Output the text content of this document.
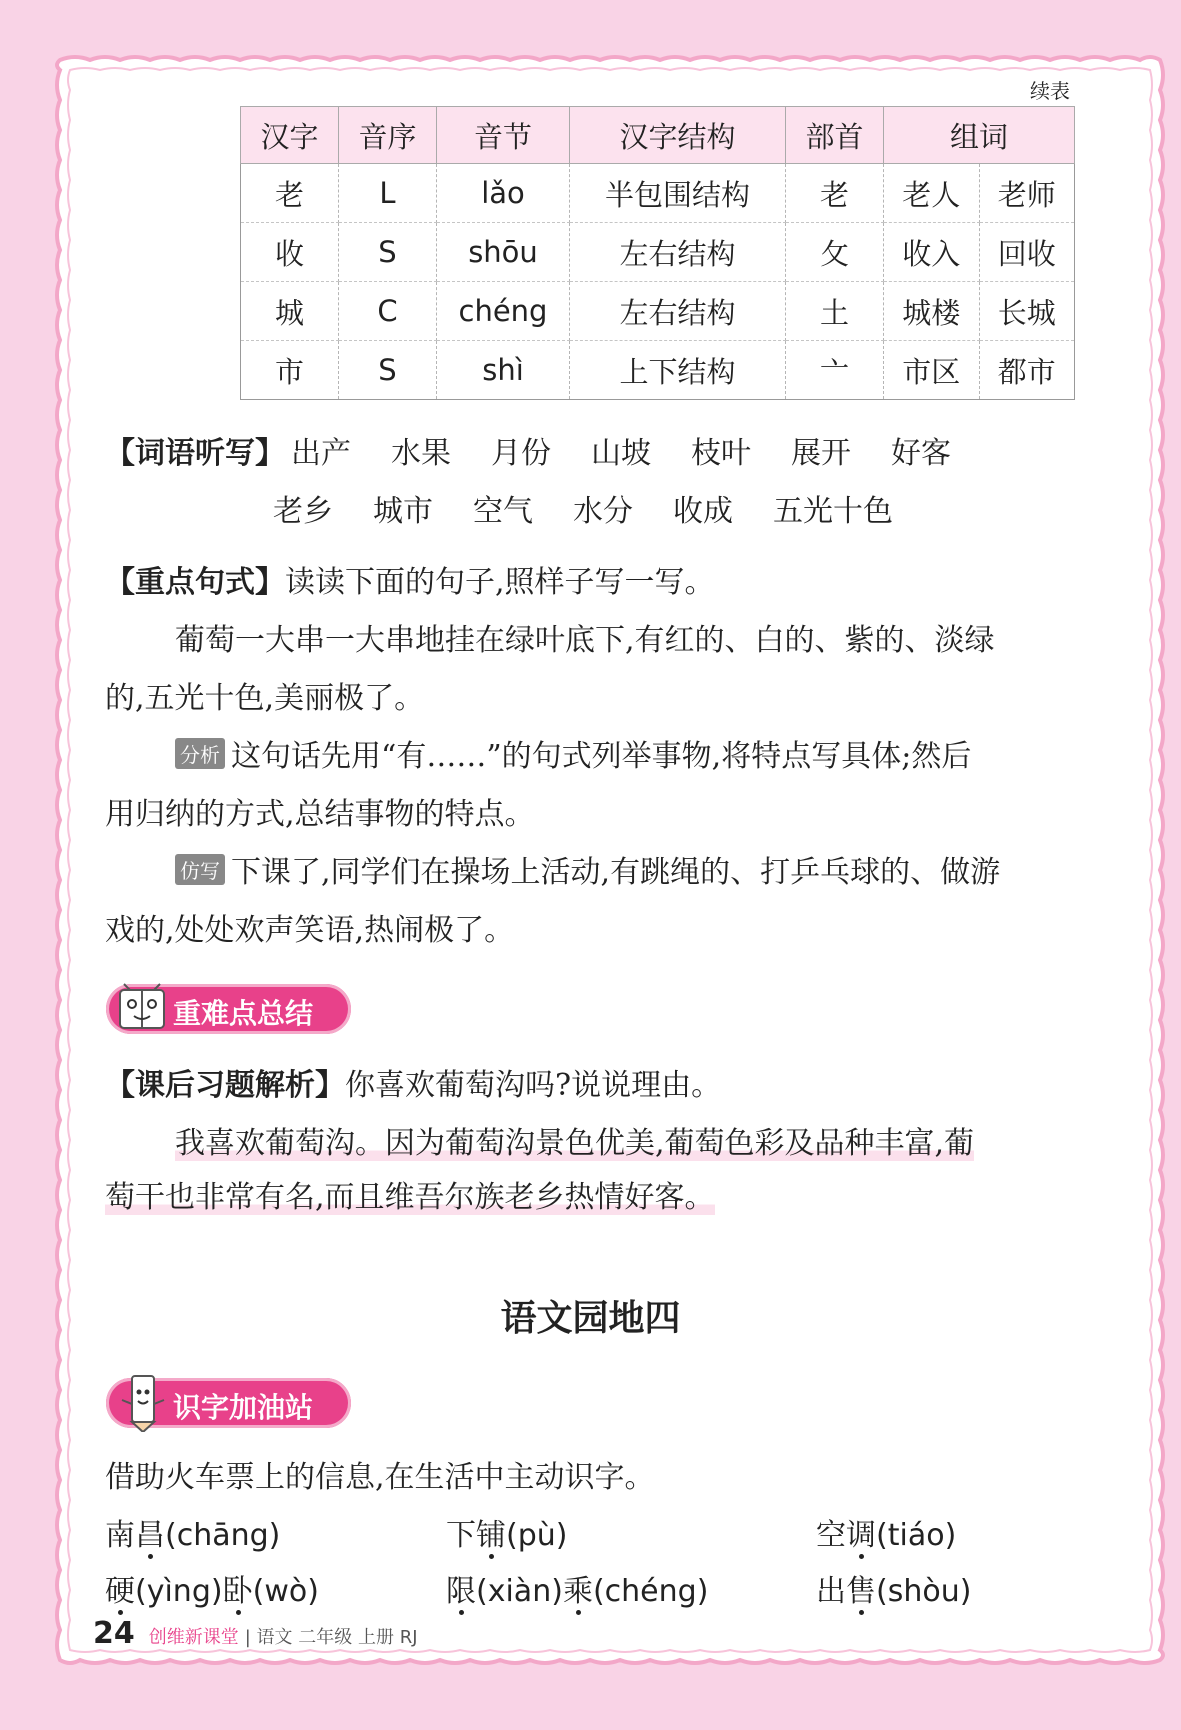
续表
汉字	音序	音节	汉字结构	部首	组词	
老	L	lǎo	半包围结构	老	老人	老师
收	S	shōu	左右结构	攵	收入	回收
城	C	chéng	左右结构	土	城楼	长城
市	S	shì	上下结构	亠	市区	都市
【词语听写】 出产 水果 月份 山坡 枝叶 展开 好客
老乡 城市 空气 水分 收成 五光十色
【重点句式】读读下面的句子,照样子写一写。
葡萄一大串一大串地挂在绿叶底下,有红的、白的、紫的、淡绿
的,五光十色,美丽极了。
分析 这句话先用“有……”的句式列举事物,将特点写具体;然后
用归纳的方式,总结事物的特点。
仿写 下课了,同学们在操场上活动,有跳绳的、打乒乓球的、做游
戏的,处处欢声笑语,热闹极了。
重难点总结
【课后习题解析】你喜欢葡萄沟吗?说说理由。
我喜欢葡萄沟。因为葡萄沟景色优美,葡萄色彩及品种丰富,葡
萄干也非常有名,而且维吾尔族老乡热情好客。
语文园地四
识字加油站
借助火车票上的信息,在生活中主动识字。
南昌(chāng)	下铺(pù)	空调(tiáo)
硬(yìng)卧(wò)	限(xiàn)乘(chéng)	出售(shòu)
24 创维新课堂 | 语文 二年级 上册 RJ
